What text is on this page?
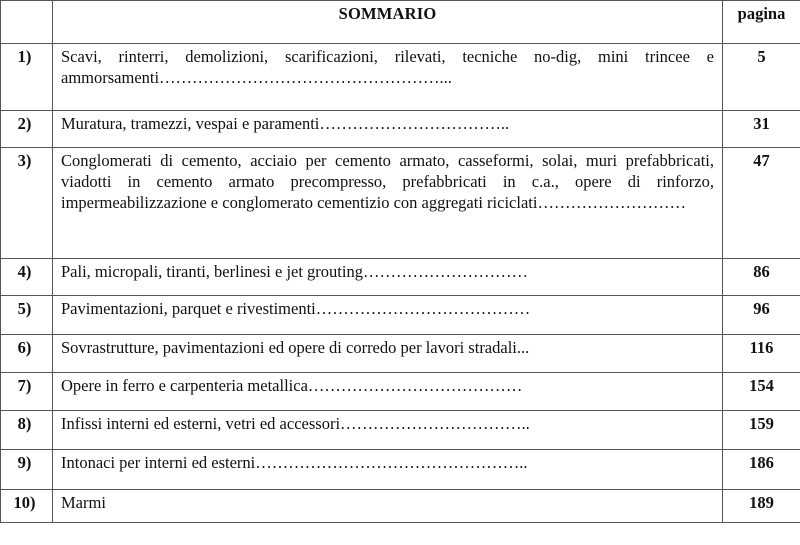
	SOMMARIO	pagina
1)	Scavi, rinterri, demolizioni, scarificazioni, rilevati, tecniche no-dig, mini trincee e ammorsamenti……………………………………………...	5
2)	Muratura, tramezzi, vespai e paramenti……………………………..	31
3)	Conglomerati di cemento, acciaio per cemento armato, casseformi, solai, muri prefabbricati, viadotti in cemento armato precompresso, prefabbricati in c.a., opere di rinforzo, impermeabilizzazione e conglomerato cementizio con aggregati riciclati………………………	47
4)	Pali, micropali, tiranti, berlinesi e jet grouting…………………………	86
5)	Pavimentazioni, parquet e rivestimenti…………………………………	96
6)	Sovrastrutture, pavimentazioni ed opere di corredo per lavori stradali...	116
7)	Opere in ferro e carpenteria metallica…………………………………	154
8)	Infissi interni ed esterni, vetri ed accessori……………………………..	159
9)	Intonaci per interni ed esterni…………………………………………..	186
10)	Marmi	189
